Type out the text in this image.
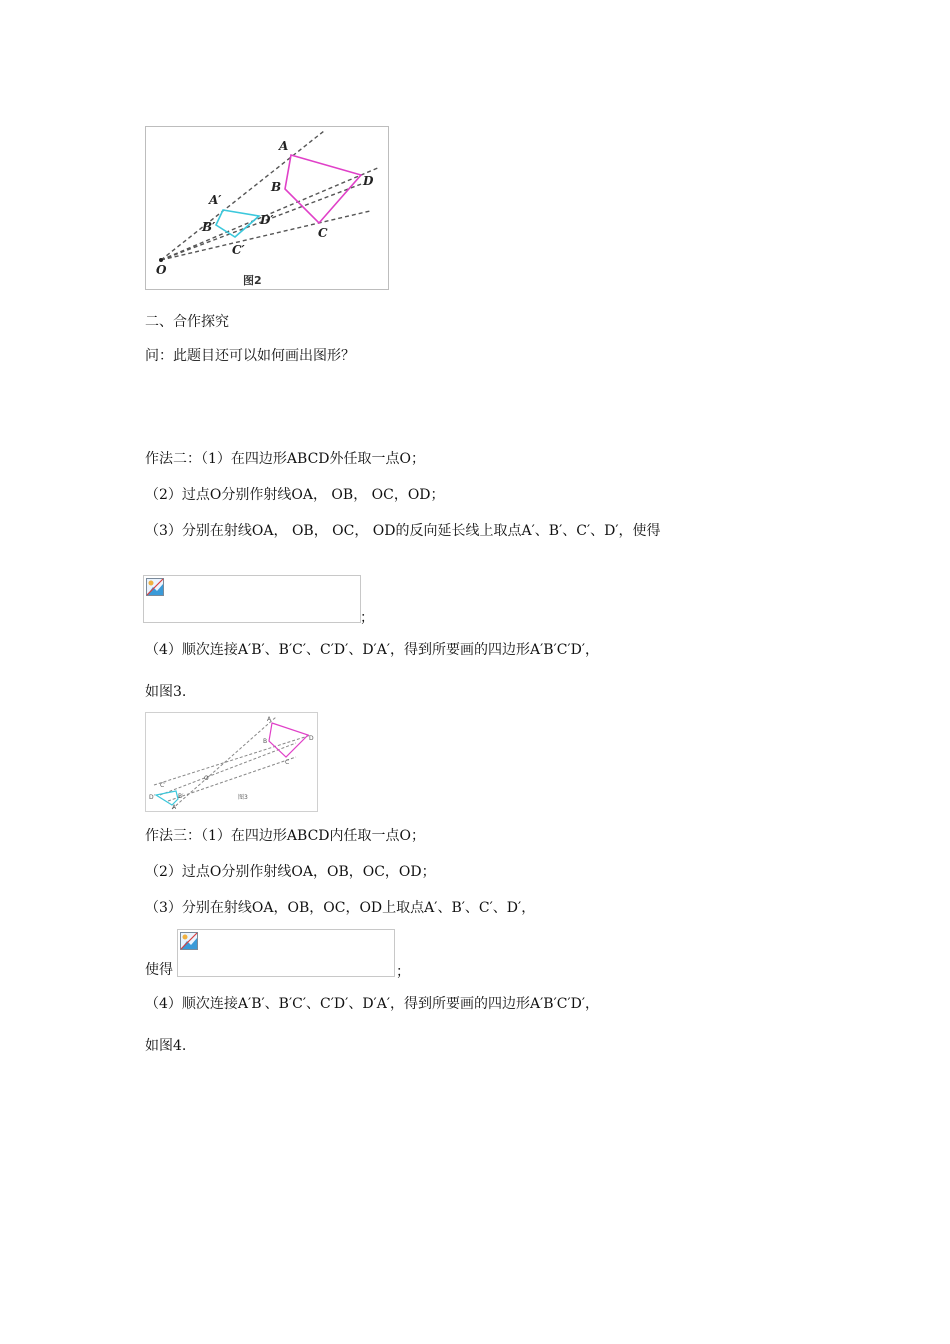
O
A
B
C
D
A′
B′
C′
D′
图2
二、合作探究
问：此题目还可以如何画出图形？
作法二：（1）在四边形ABCD外任取一点O；
（2）过点O分别作射线OA， OB， OC，OD；
（3）分别在射线OA， OB， OC， OD的反向延长线上取点A′、B′、C′、D′，使得
；
（4）顺次连接A′B′、B′C′、C′D′、D′A′，得到所要画的四边形A′B′C′D′，
如图3.
A
B
C
D
O
C′
D′	B′
A′
图3
作法三：（1）在四边形ABCD内任取一点O；
（2）过点O分别作射线OA，OB，OC，OD；
（3）分别在射线OA，OB，OC，OD上取点A′、B′、C′、D′，
使得	；
（4）顺次连接A′B′、B′C′、C′D′、D′A′，得到所要画的四边形A′B′C′D′，
如图4.
